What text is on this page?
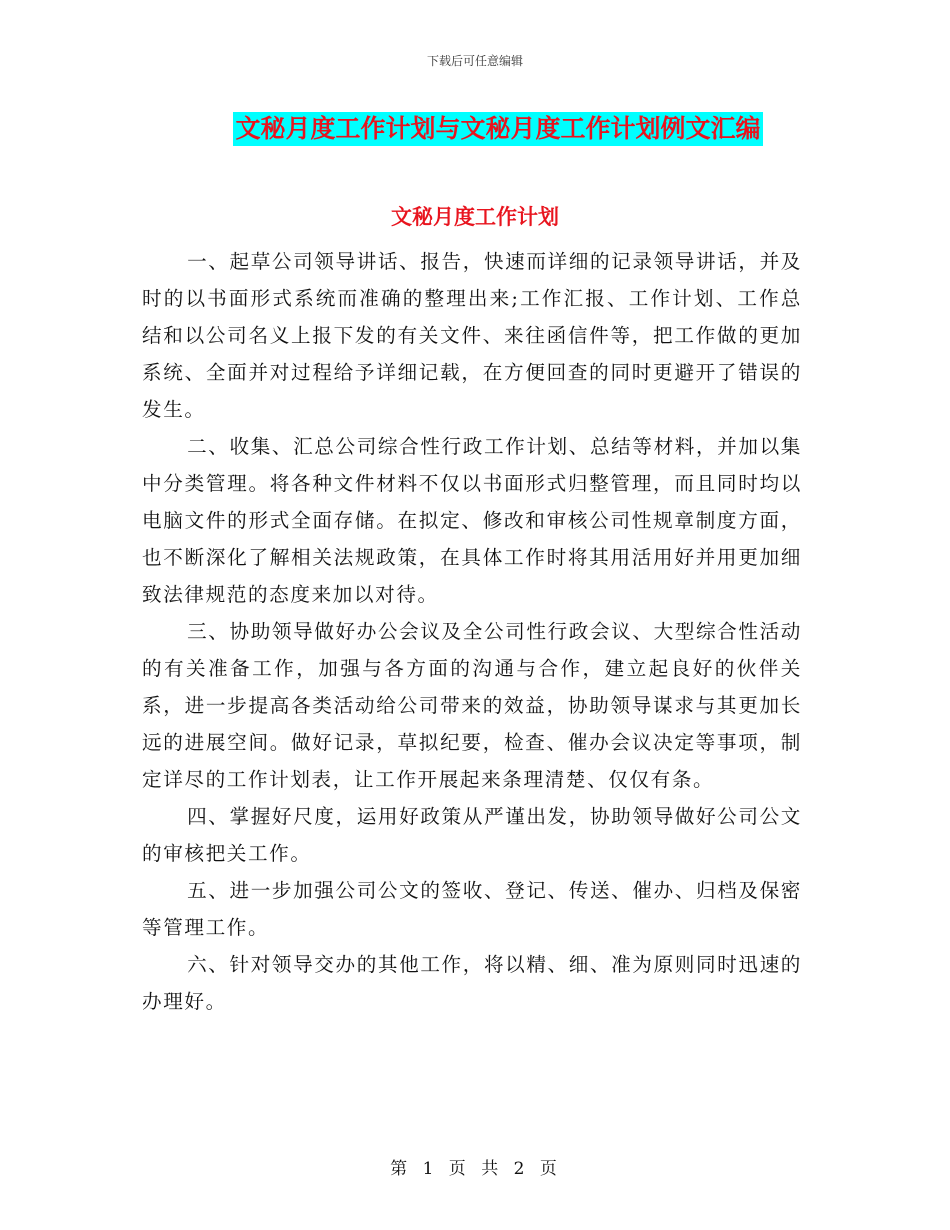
下载后可任意编辑
文秘月度工作计划与文秘月度工作计划例文汇编
文秘月度工作计划

一、起草公司领导讲话、报告，快速而详细的记录领导讲话，并及时的以书面形式系统而准确的整理出来;工作汇报、工作计划、工作总结和以公司名义上报下发的有关文件、来往函信件等，把工作做的更加系统、全面并对过程给予详细记载，在方便回查的同时更避开了错误的发生。

二、收集、汇总公司综合性行政工作计划、总结等材料，并加以集中分类管理。将各种文件材料不仅以书面形式归整管理，而且同时均以电脑文件的形式全面存储。在拟定、修改和审核公司性规章制度方面，也不断深化了解相关法规政策，在具体工作时将其用活用好并用更加细致法律规范的态度来加以对待。

三、协助领导做好办公会议及全公司性行政会议、大型综合性活动的有关准备工作，加强与各方面的沟通与合作，建立起良好的伙伴关系，进一步提高各类活动给公司带来的效益，协助领导谋求与其更加长远的进展空间。做好记录，草拟纪要，检查、催办会议决定等事项，制定详尽的工作计划表，让工作开展起来条理清楚、仅仅有条。

四、掌握好尺度，运用好政策从严谨出发，协助领导做好公司公文的审核把关工作。

五、进一步加强公司公文的签收、登记、传送、催办、归档及保密等管理工作。

六、针对领导交办的其他工作，将以精、细、准为原则同时迅速的办理好。

第 1 页 共 2 页
